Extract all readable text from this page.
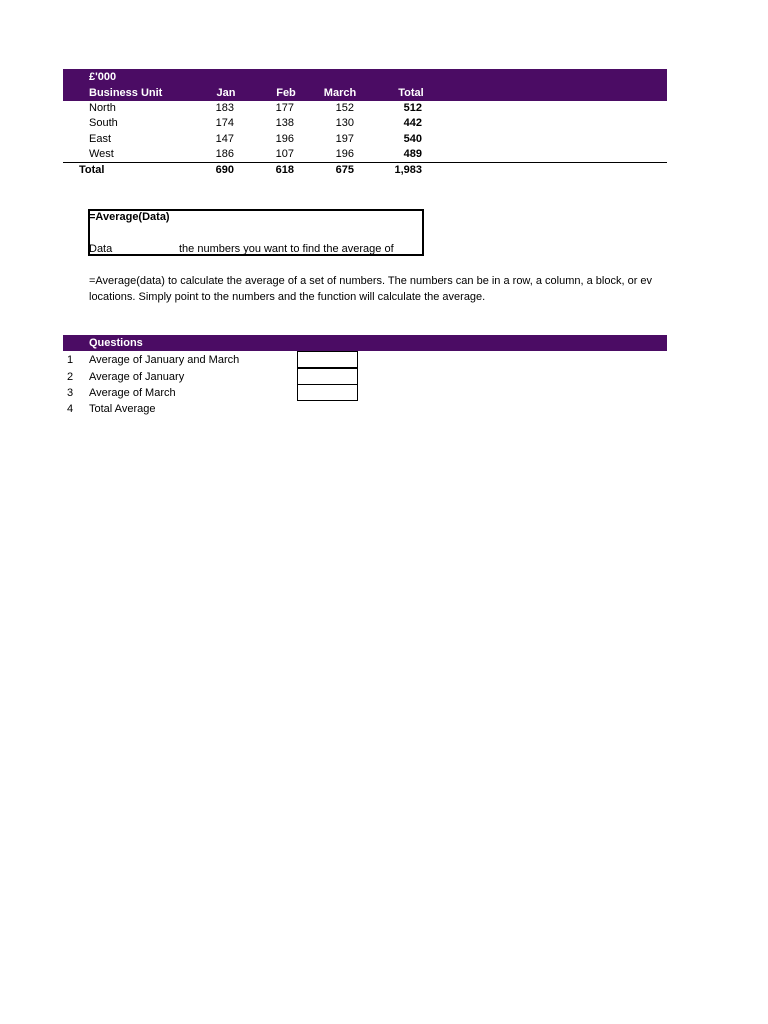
£'000
Business Unit	Jan	Feb	March	Total
North	183	177	152	512
South	174	138	130	442
East	147	196	197	540
West	186	107	196	489
Total	690	618	675	1,983
=Average(Data)
Data	the numbers you want to find the average of
=Average(data) to calculate the average of a set of numbers. The numbers can be in a row, a column, a block, or ev
locations. Simply point to the numbers and the function will calculate the average.
Questions
1 Average of January and March
2 Average of January
3 Average of March
4 Total Average
